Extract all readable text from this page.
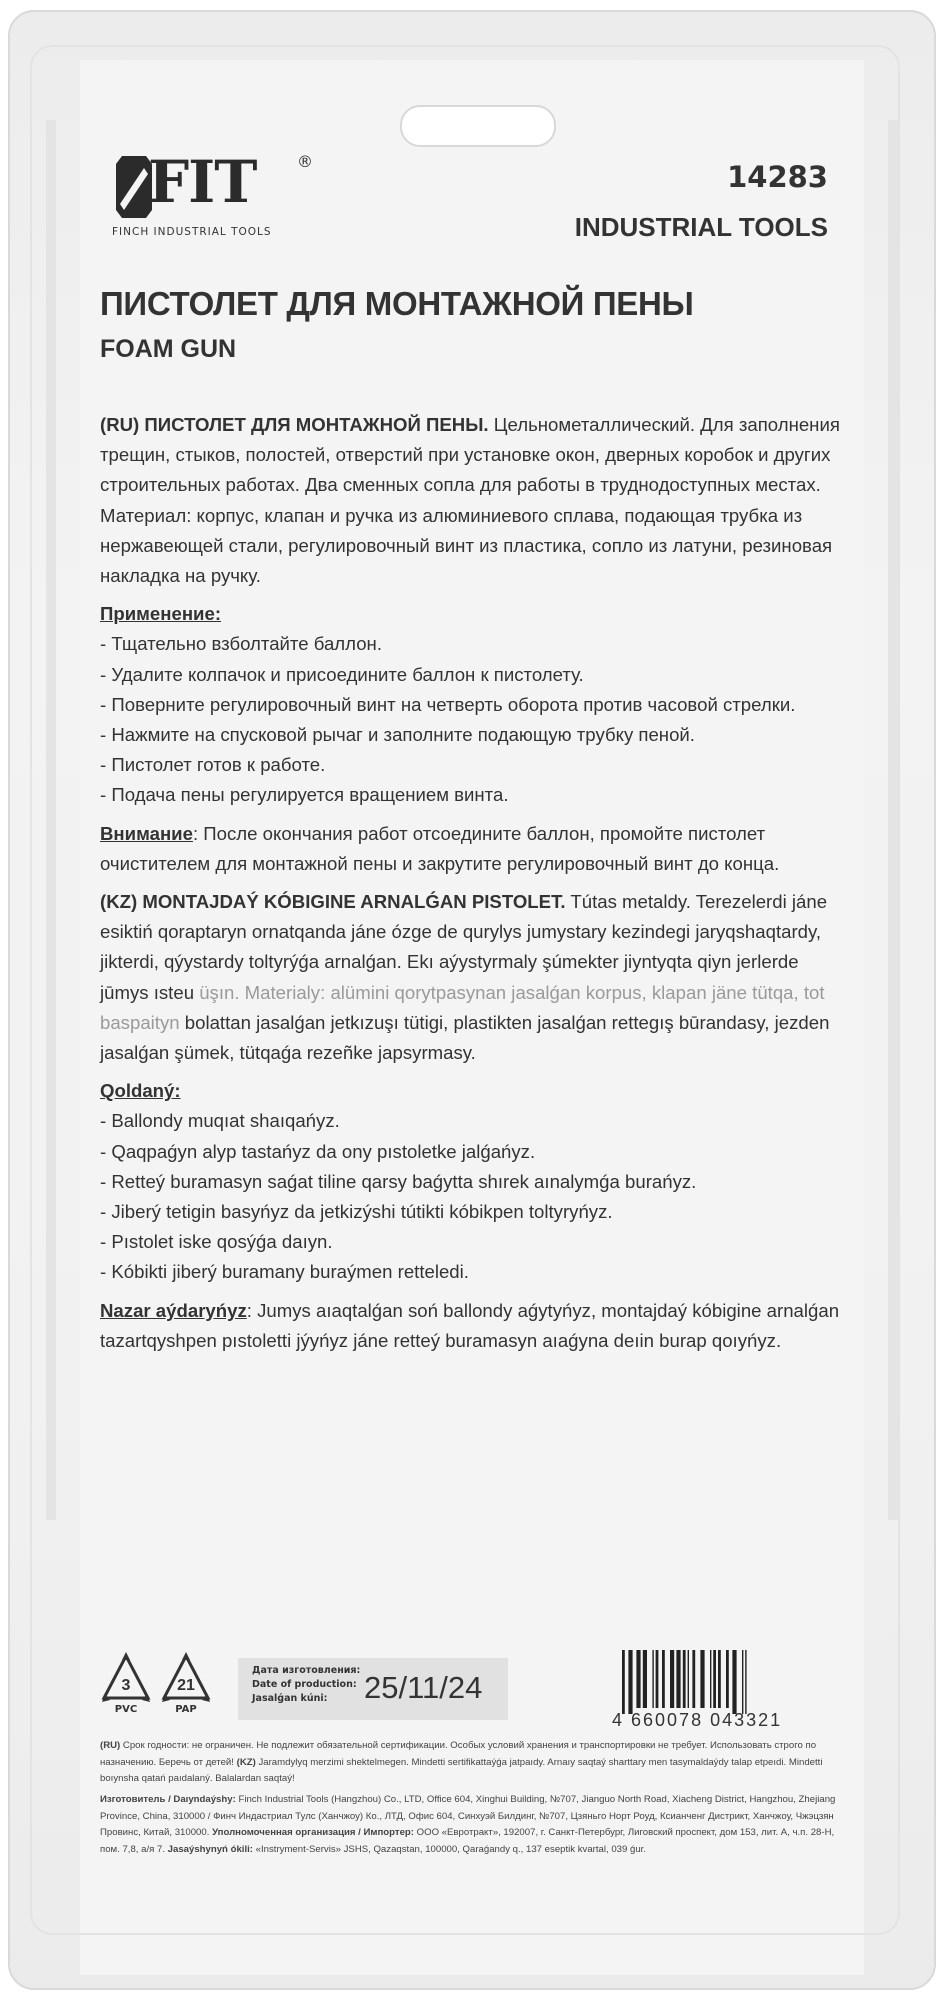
FIT	®
FINCH INDUSTRIAL TOOLS
14283
INDUSTRIAL TOOLS
ПИСТОЛЕТ ДЛЯ МОНТАЖНОЙ ПЕНЫ
FOAM GUN

(RU) ПИСТОЛЕТ ДЛЯ МОНТАЖНОЙ ПЕНЫ. Цельнометаллический. Для заполнения трещин, стыков, полостей, отверстий при установке окон, дверных коробок и других строительных работах. Два сменных сопла для работы в труднодоступных местах. Материал: корпус, клапан и ручка из алюминиевого сплава, подающая трубка из нержавеющей стали, регулировочный винт из пластика, сопло из латуни, резиновая накладка на ручку.

Применение:

- Тщательно взболтайте баллон.

- Удалите колпачок и присоедините баллон к пистолету.

- Поверните регулировочный винт на четверть оборота против часовой стрелки.

- Нажмите на спусковой рычаг и заполните подающую трубку пеной.

- Пистолет готов к работе.

- Подача пены регулируется вращением винта.

Внимание: После окончания работ отсоедините баллон, промойте пистолет очистителем для монтажной пены и закрутите регулировочный винт до конца.

(KZ) MONTAJDAÝ KÓBIGINE ARNALǴAN PISTOLET. Tútas metaldy. Terezelerdi jáne esiktiń qoraptaryn ornatqanda jáne ózge de qurylys jumystary kezindegi jaryqshaqtardy, jikterdi, qýystardy toltyrýǵa arnalǵan. Ekı aýystyrmaly şúmekter jiyntyqta qiyn jerlerde jūmys ısteu üşın. Materialy: alümini qorytpasynan jasalǵan korpus, klapan jäne tütqa, tot baspaityn bolattan jasalǵan jetkızuşı tütigi, plastikten jasalǵan rettegış būrandasy, jezden jasalǵan şümek, tütqaǵa rezeñke japsyrmasy.

Qoldaný:

- Ballondy muqıat shaıqańyz.

- Qaqpaǵyn alyp tastańyz da ony pıstoletke jalǵańyz.

- Retteý buramasyn saǵat tiline qarsy baǵytta shırek aınalymǵa burańyz.

- Jiberý tetigin basyńyz da jetkizýshi tútikti kóbikpen toltyryńyz.

- Pıstolet iske qosýǵa daıyn.

- Kóbikti jiberý buramany buraýmen retteledi.

Nazar aýdaryńyz: Jumys aıaqtalǵan soń ballondy aǵytyńyz, montajdaý kóbigine arnalǵan tazartqyshpen pıstoletti jýyńyz jáne retteý buramasyn aıaǵyna deıin burap qoıyńyz.

3	21
PVC	PAP
Дата изготовления:
Date of production:
Jasalǵan kúni:	25/11/24
4 660078 043321

(RU) Срок годности: не ограничен. Не подлежит обязательной сертификации. Особых условий хранения и транспортировки не требует. Использовать строго по назначению. Беречь от детей! (KZ) Jaramdylyq merzimi shektelmegen. Mindetti sertifikattaýǵa jatpaıdy. Arnaıy saqtaý sharttary men tasymaldaýdy talap etpeıdi. Mindetti boıynsha qatań paıdalaný. Balalardan saqtaý!

Изготовитель / Daıyndaýshy: Finch Industrial Tools (Hangzhou) Co., LTD, Office 604, Xinghui Building, №707, Jianguo North Road, Xiacheng District, Hangzhou, Zhejiang Province, China, 310000 / Финч Индастриал Тулс (Ханчжоу) Ко., ЛТД, Офис 604, Синхуэй Билдинг, №707, Цзяньго Норт Роуд, Ксианченг Дистрикт, Ханчжоу, Чжэцзян Провинс, Китай, 310000. Уполномоченная организация / Импортер: ООО «Евротракт», 192007, г. Санкт-Петербург, Лиговский проспект, дом 153, лит. А, ч.п. 28-Н, пом. 7,8, а/я 7. Jasaýshynyń ókili: «Instryment-Servis» JSHS, Qazaqstan, 100000, Qaraǵandy q., 137 eseptik kvartal, 039 ǵur.
